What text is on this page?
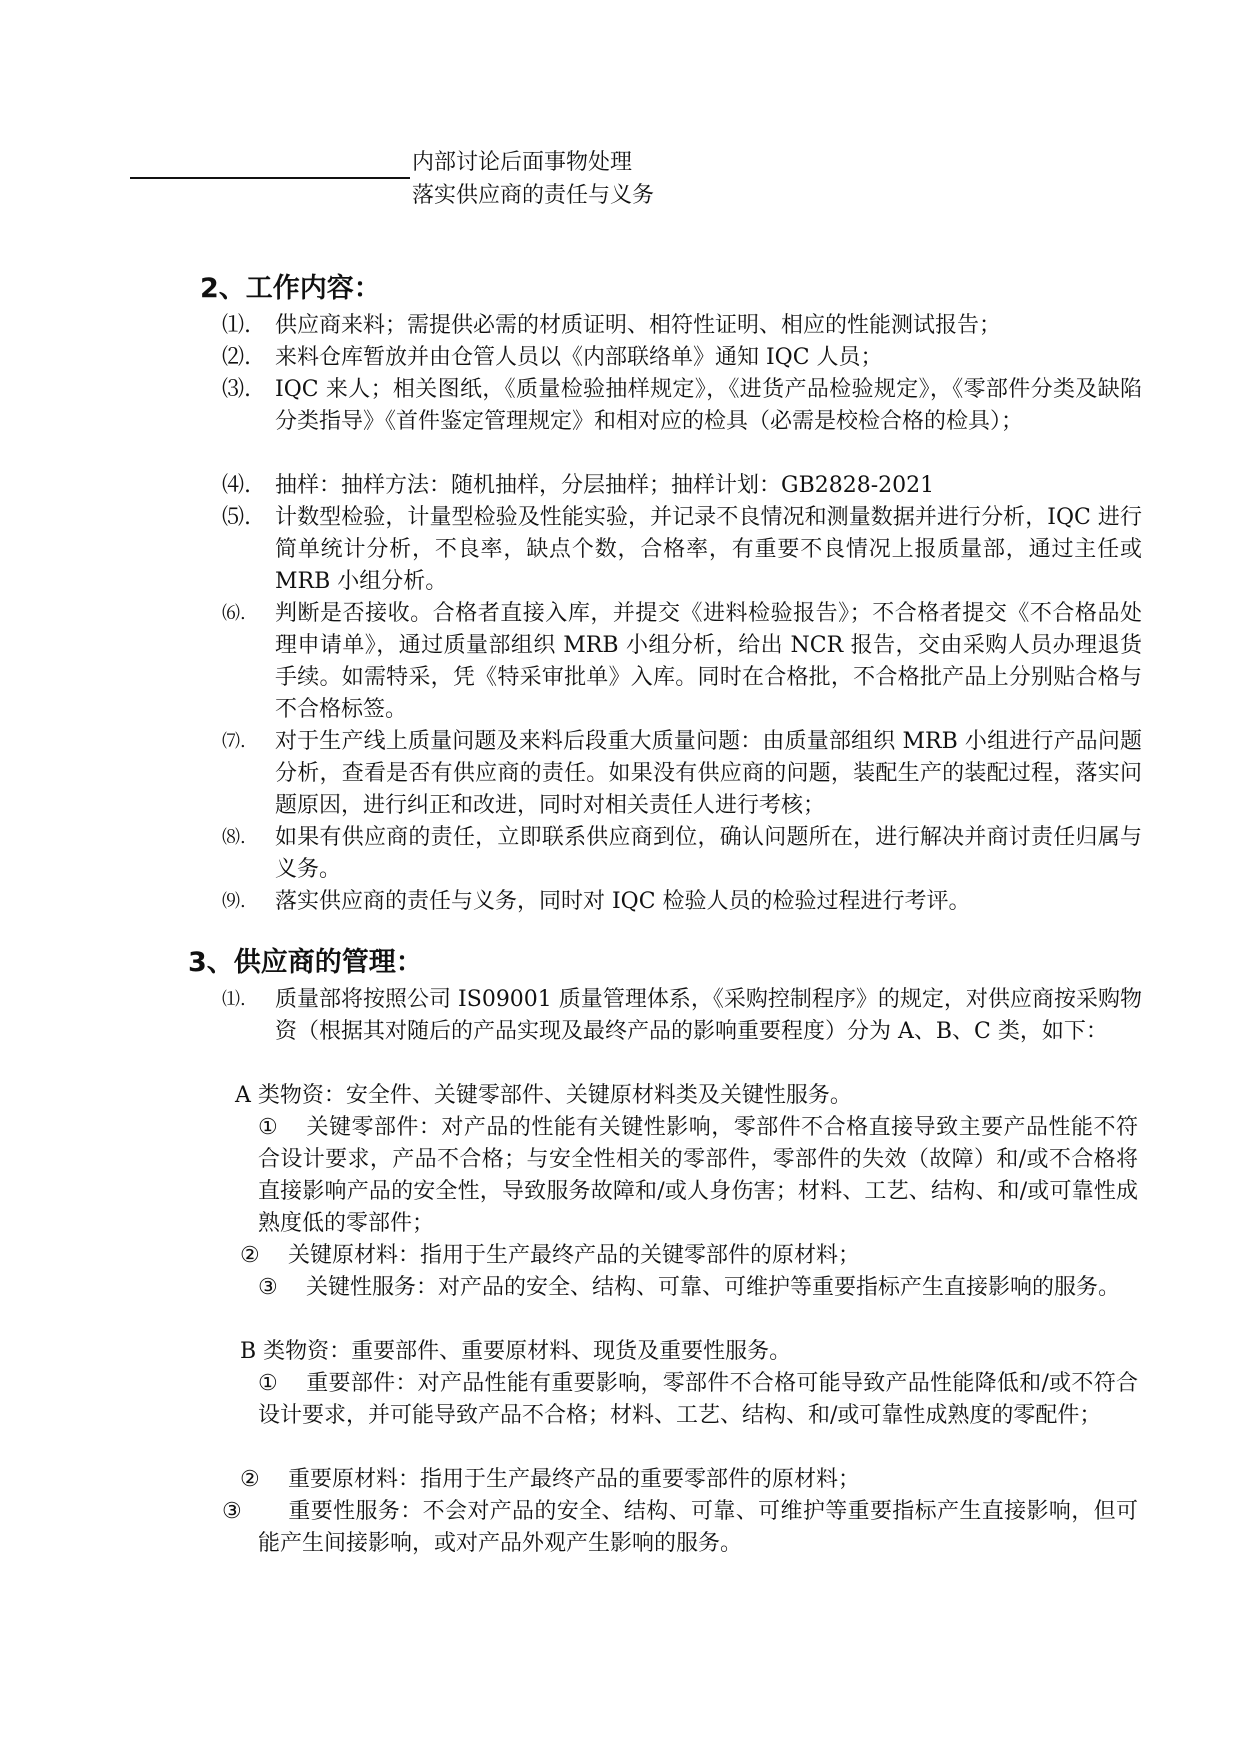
内部讨论后面事物处理
落实供应商的责任与义务
2、工作内容：
⑴.	供应商来料；需提供必需的材质证明、相符性证明、相应的性能测试报告；
⑵.	来料仓库暂放并由仓管人员以《内部联络单》通知 IQC 人员；
⑶.	IQC 来人；相关图纸，《质量检验抽样规定》，《进货产品检验规定》，《零部件分类及缺陷分类指导》《首件鉴定管理规定》和相对应的检具（必需是校检合格的检具）；
⑷.	抽样：抽样方法：随机抽样，分层抽样；抽样计划：GB2828-2021
⑸.	计数型检验，计量型检验及性能实验，并记录不良情况和测量数据并进行分析，IQC 进行简单统计分析，不良率，缺点个数，合格率，有重要不良情况上报质量部，通过主任或 MRB 小组分析。
⑹.	判断是否接收。合格者直接入库，并提交《进料检验报告》；不合格者提交《不合格品处理申请单》，通过质量部组织 MRB 小组分析，给出 NCR 报告，交由采购人员办理退货手续。如需特采，凭《特采审批单》入库。同时在合格批，不合格批产品上分别贴合格与不合格标签。
⑺.	对于生产线上质量问题及来料后段重大质量问题：由质量部组织 MRB 小组进行产品问题分析，查看是否有供应商的责任。如果没有供应商的问题，装配生产的装配过程，落实问题原因，进行纠正和改进，同时对相关责任人进行考核；
⑻.	如果有供应商的责任，立即联系供应商到位，确认问题所在，进行解决并商讨责任归属与义务。
⑼.	落实供应商的责任与义务，同时对 IQC 检验人员的检验过程进行考评。
3、供应商的管理：
⑴.	质量部将按照公司 IS09001 质量管理体系，《采购控制程序》的规定，对供应商按采购物资（根据其对随后的产品实现及最终产品的影响重要程度）分为 A、B、C 类，如下：
A 类物资：安全件、关键零部件、关键原材料类及关键性服务。
① 关键零部件：对产品的性能有关键性影响，零部件不合格直接导致主要产品性能不符合设计要求，产品不合格；与安全性相关的零部件，零部件的失效（故障）和/或不合格将直接影响产品的安全性，导致服务故障和/或人身伤害；材料、工艺、结构、和/或可靠性成熟度低的零部件；
② 关键原材料：指用于生产最终产品的关键零部件的原材料；
③ 关键性服务：对产品的安全、结构、可靠、可维护等重要指标产生直接影响的服务。
B 类物资：重要部件、重要原材料、现货及重要性服务。
① 重要部件：对产品性能有重要影响，零部件不合格可能导致产品性能降低和/或不符合设计要求，并可能导致产品不合格；材料、工艺、结构、和/或可靠性成熟度的零配件；
② 重要原材料：指用于生产最终产品的重要零部件的原材料；
③ 重要性服务：不会对产品的安全、结构、可靠、可维护等重要指标产生直接影响，但可能产生间接影响，或对产品外观产生影响的服务。
